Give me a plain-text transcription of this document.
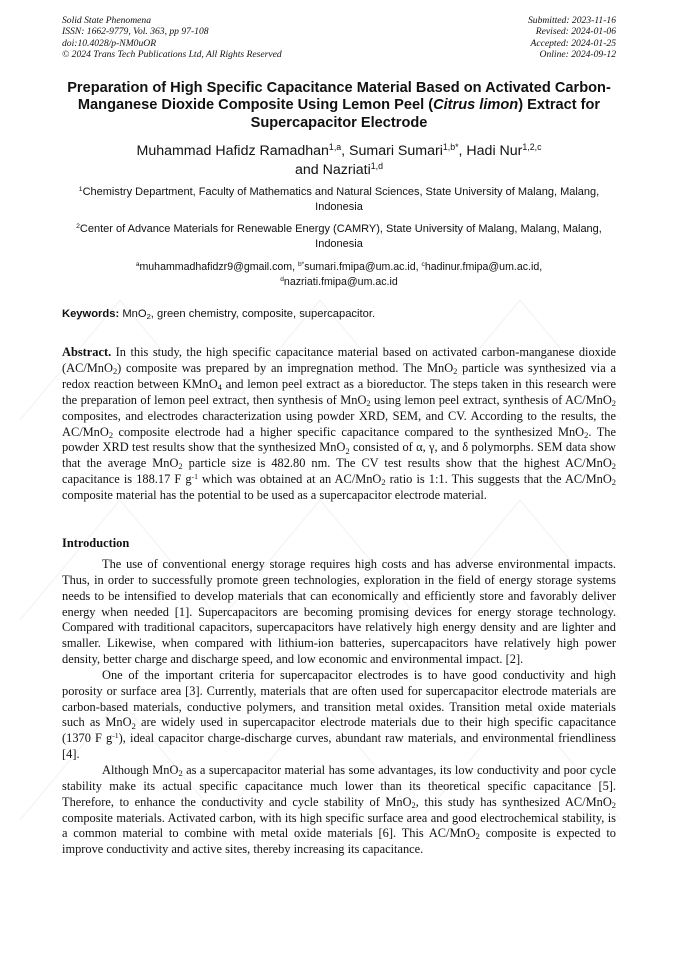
Solid State Phenomena
ISSN: 1662-9779, Vol. 363, pp 97-108
doi:10.4028/p-NM0uOR
© 2024 Trans Tech Publications Ltd, All Rights Reserved
Submitted: 2023-11-16
Revised: 2024-01-06
Accepted: 2024-01-25
Online: 2024-09-12
Preparation of High Specific Capacitance Material Based on Activated Carbon-Manganese Dioxide Composite Using Lemon Peel (Citrus limon) Extract for Supercapacitor Electrode
Muhammad Hafidz Ramadhan$^{1,a}$, Sumari Sumari$^{1,b*}$, Hadi Nur$^{1,2,c}$
and Nazriati$^{1,d}$
$^1$Chemistry Department, Faculty of Mathematics and Natural Sciences, State University of Malang, Malang, Indonesia
$^2$Center of Advance Materials for Renewable Energy (CAMRY), State University of Malang, Malang, Malang, Indonesia
$^a$muhammadhafidzr9@gmail.com, $^{b*}$sumari.fmipa@um.ac.id, $^c$hadinur.fmipa@um.ac.id,
$^d$nazriati.fmipa@um.ac.id
Keywords: MnO$_2$, green chemistry, composite, supercapacitor.

Abstract. In this study, the high specific capacitance material based on activated carbon-manganese dioxide (AC/MnO$_2$) composite was prepared by an impregnation method. The MnO$_2$ particle was synthesized via a redox reaction between KMnO$_4$ and lemon peel extract as a bioreductor. The steps taken in this research were the preparation of lemon peel extract, then synthesis of MnO$_2$ using lemon peel extract, synthesis of AC/MnO$_2$ composites, and electrodes characterization using powder XRD, SEM, and CV. According to the results, the AC/MnO$_2$ composite electrode had a higher specific capacitance compared to the synthesized MnO$_2$. The powder XRD test results show that the synthesized MnO$_2$ consisted of α, γ, and δ polymorphs. SEM data show that the average MnO$_2$ particle size is 482.80 nm. The CV test results show that the highest AC/MnO$_2$ capacitance is 188.17 F $g^{-1}$ which was obtained at an AC/MnO$_2$ ratio is 1:1. This suggests that the AC/MnO$_2$ composite material has the potential to be used as a supercapacitor electrode material.

Introduction

The use of conventional energy storage requires high costs and has adverse environmental impacts. Thus, in order to successfully promote green technologies, exploration in the field of energy storage systems needs to be intensified to develop materials that can economically and efficiently store and favorably deliver energy when needed [1]. Supercapacitors are becoming promising devices for energy storage technology. Compared with traditional capacitors, supercapacitors have relatively high energy density and are lighter and smaller. Likewise, when compared with lithium-ion batteries, supercapacitors have relatively high power density, better charge and discharge speed, and low economic and environmental impact. [2].

One of the important criteria for supercapacitor electrodes is to have good conductivity and high porosity or surface area [3]. Currently, materials that are often used for supercapacitor electrode materials are carbon-based materials, conductive polymers, and transition metal oxides. Transition metal oxide materials such as MnO$_2$ are widely used in supercapacitor electrode materials due to their high specific capacitance (1370 F $g^{-1}$), ideal capacitor charge-discharge curves, abundant raw materials, and environmental friendliness [4].

Although MnO$_2$ as a supercapacitor material has some advantages, its low conductivity and poor cycle stability make its actual specific capacitance much lower than its theoretical specific capacitance [5]. Therefore, to enhance the conductivity and cycle stability of MnO$_2$, this study has synthesized AC/MnO$_2$ composite materials. Activated carbon, with its high specific surface area and good electrochemical stability, is a common material to combine with metal oxide materials [6]. This AC/MnO$_2$ composite is expected to improve conductivity and active sites, thereby increasing its capacitance.
